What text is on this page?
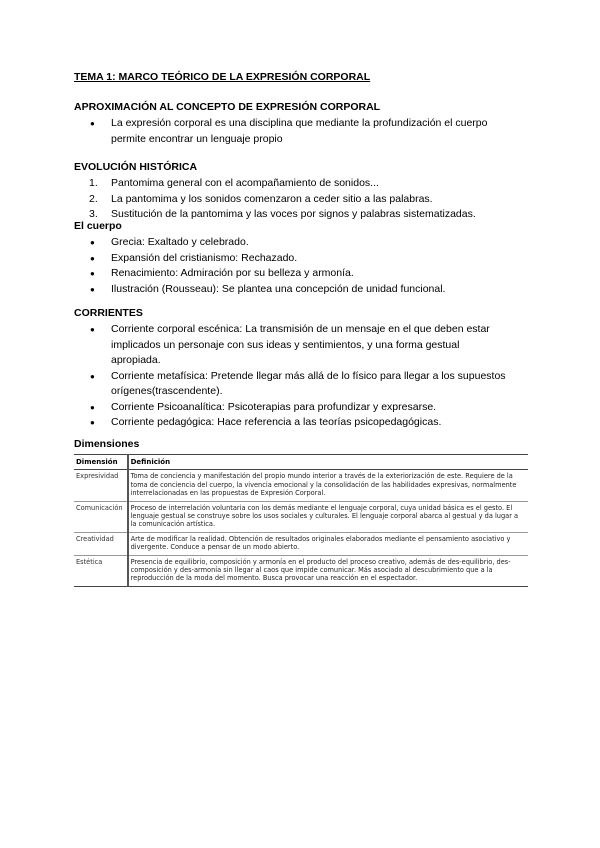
TEMA 1: MARCO TEÓRICO DE LA EXPRESIÓN CORPORAL
APROXIMACIÓN AL CONCEPTO DE EXPRESIÓN CORPORAL
● La expresión corporal es una disciplina que mediante la profundización el cuerpo
permite encontrar un lenguaje propio
EVOLUCIÓN HISTÓRICA
1. Pantomima general con el acompañamiento de sonidos...
2. La pantomima y los sonidos comenzaron a ceder sitio a las palabras.
3. Sustitución de la pantomima y las voces por signos y palabras sistematizadas.
El cuerpo
● Grecia: Exaltado y celebrado.
● Expansión del cristianismo: Rechazado.
● Renacimiento: Admiración por su belleza y armonía.
● Ilustración (Rousseau): Se plantea una concepción de unidad funcional.
CORRIENTES
● Corriente corporal escénica: La transmisión de un mensaje en el que deben estar
implicados un personaje con sus ideas y sentimientos, y una forma gestual
apropiada.
● Corriente metafísica: Pretende llegar más allá de lo físico para llegar a los supuestos
orígenes(trascendente).
● Corriente Psicoanalítica: Psicoterapias para profundizar y expresarse.
● Corriente pedagógica: Hace referencia a las teorías psicopedagógicas.
Dimensiones
Dimensión	Definición
Expresividad	Toma de conciencia y manifestación del propio mundo interior a través de la exteriorización de este. Requiere de la toma de conciencia del cuerpo, la vivencia emocional y la consolidación de las habilidades expresivas, normalmente interrelacionadas en las propuestas de Expresión Corporal.
Comunicación	Proceso de interrelación voluntaria con los demás mediante el lenguaje corporal, cuya unidad básica es el gesto. El lenguaje gestual se construye sobre los usos sociales y culturales. El lenguaje corporal abarca al gestual y da lugar a la comunicación artística.
Creatividad	Arte de modificar la realidad. Obtención de resultados originales elaborados mediante el pensamiento asociativo y divergente. Conduce a pensar de un modo abierto.
Estética	Presencia de equilibrio, composición y armonía en el producto del proceso creativo, además de des-equilibrio, des-composición y des-armonía sin llegar al caos que impide comunicar. Más asociado al descubrimiento que a la reproducción de la moda del momento. Busca provocar una reacción en el espectador.
